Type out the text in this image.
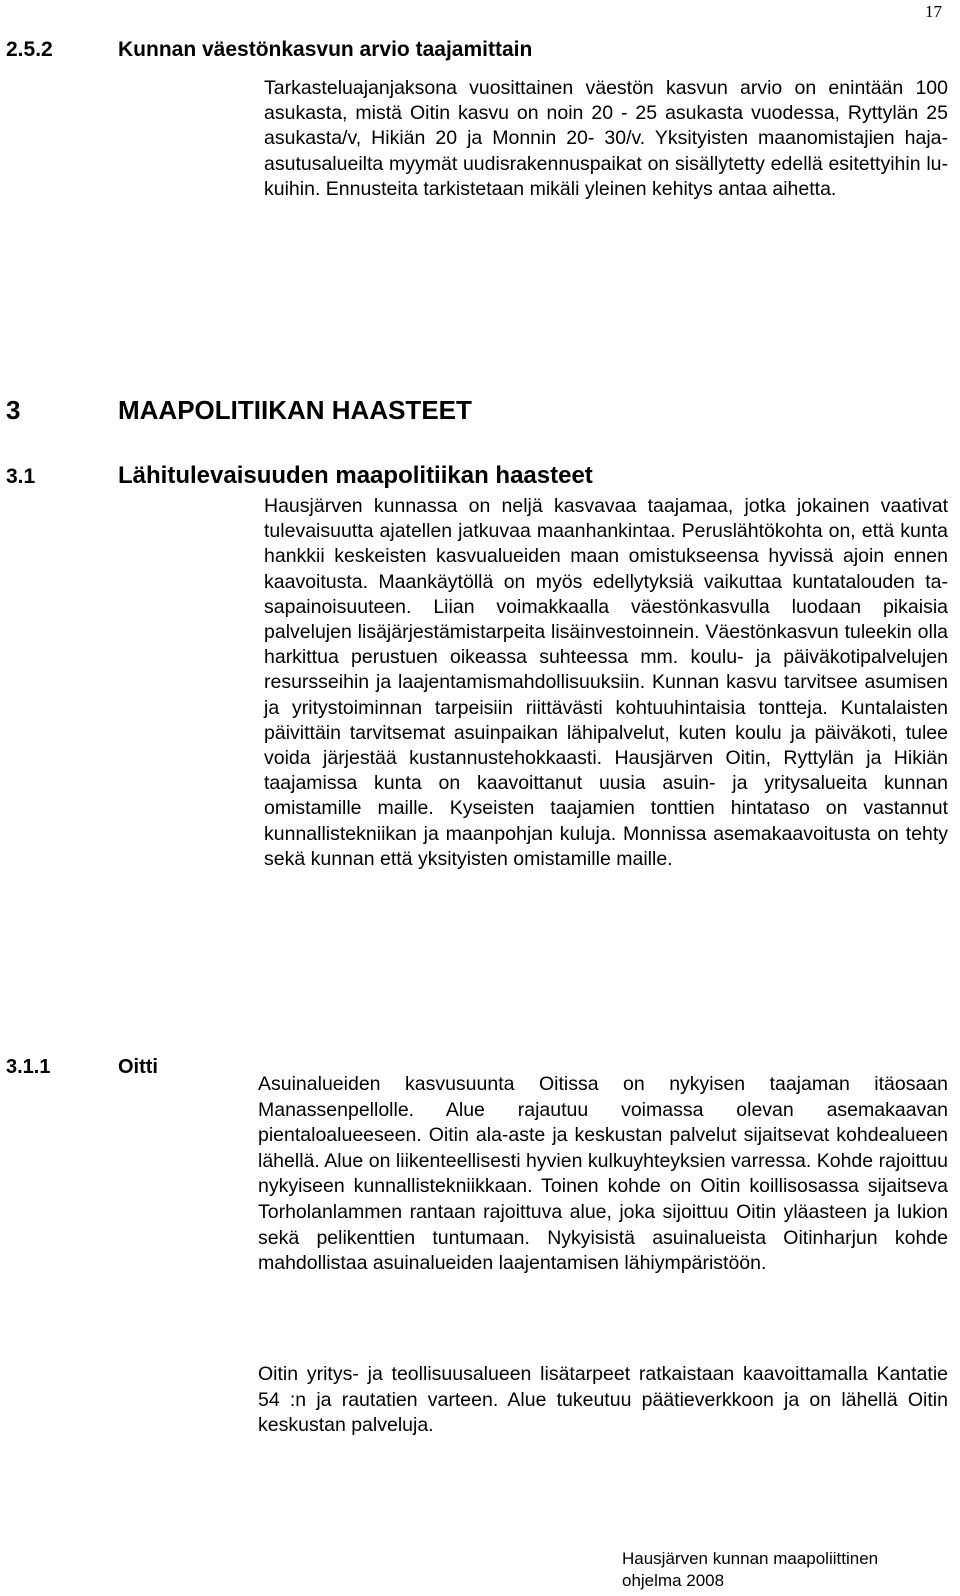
17
2.5.2	Kunnan väestönkasvun arvio taajamittain

Tarkasteluajanjaksona vuosittainen väestön kasvun arvio on enintään 100 asukasta, mistä Oitin kasvu on noin 20 - 25 asukasta vuodessa, Ryttylän 25 asukasta/v, Hikiän 20 ja Monnin 20- 30/v. Yksityisten maanomistajien haja-asutusalueilta myymät uudisrakennuspaikat on sisällytetty edellä esitettyihin lukuihin. Ennusteita tarkistetaan mikäli yleinen kehitys antaa aihetta.

3	MAAPOLITIIKAN HAASTEET
3.1	Lähitulevaisuuden maapolitiikan haasteet

Hausjärven kunnassa on neljä kasvavaa taajamaa, jotka jokainen vaativat tulevaisuutta ajatellen jatkuvaa maanhankintaa. Peruslähtökohta on, että kunta hankkii keskeisten kasvualueiden maan omistukseensa hyvissä ajoin ennen kaavoitusta. Maankäytöllä on myös edellytyksiä vaikuttaa kuntatalouden tasapainoisuuteen. Liian voimakkaalla väestönkasvulla luodaan pikaisia palvelujen lisäjärjestämistarpeita lisäinvestoinnein. Väestönkasvun tuleekin olla harkittua perustuen oikeassa suhteessa mm. koulu- ja päiväkotipalvelujen resursseihin ja laajentamismahdollisuuksiin. Kunnan kasvu tarvitsee asumisen ja yritystoiminnan tarpeisiin riittävästi kohtuuhintaisia tontteja. Kuntalaisten päivittäin tarvitsemat asuinpaikan lähipalvelut, kuten koulu ja päiväkoti, tulee voida järjestää kustannustehokkaasti. Hausjärven Oitin, Ryttylän ja Hikiän taajamissa kunta on kaavoittanut uusia asuin- ja yritysalueita kunnan omistamille maille. Kyseisten taajamien tonttien hintataso on vastannut kunnallistekniikan ja maanpohjan kuluja. Monnissa asemakaavoitusta on tehty sekä kunnan että yksityisten omistamille maille.

3.1.1	Oitti

Asuinalueiden kasvusuunta Oitissa on nykyisen taajaman itäosaan Manassenpellolle. Alue rajautuu voimassa olevan asemakaavan pientaloalueeseen. Oitin ala-aste ja keskustan palvelut sijaitsevat kohdealueen lähellä. Alue on liikenteellisesti hyvien kulkuyhteyksien varressa. Kohde rajoittuu nykyiseen kunnallistekniikkaan. Toinen kohde on Oitin koillisosassa sijaitseva Torholanlammen rantaan rajoittuva alue, joka sijoittuu Oitin yläasteen ja lukion sekä pelikenttien tuntumaan. Nykyisistä asuinalueista Oitinharjun kohde mahdollistaa asuinalueiden laajentamisen lähiympäristöön.

Oitin yritys- ja teollisuusalueen lisätarpeet ratkaistaan kaavoittamalla Kantatie 54 :n ja rautatien varteen. Alue tukeutuu päätieverkkoon ja on lähellä Oitin keskustan palveluja.

Hausjärven kunnan maapoliittinen
ohjelma 2008
